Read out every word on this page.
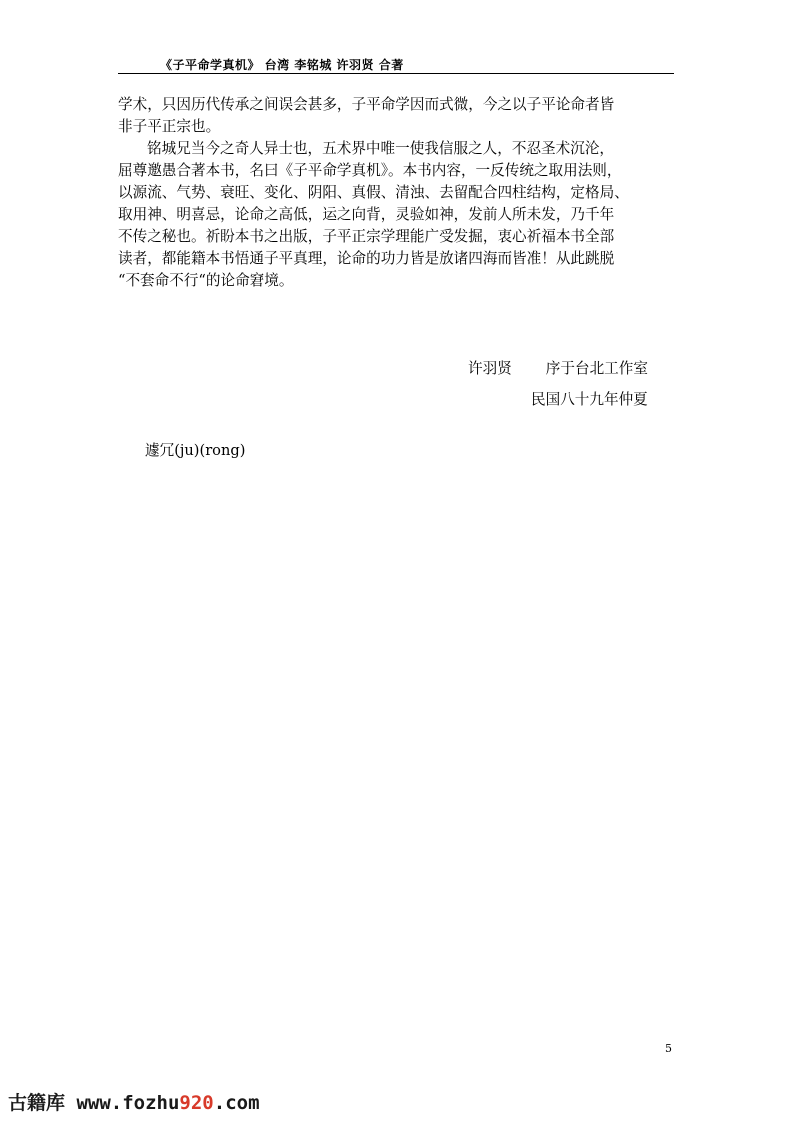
《子平命学真机》 台湾 李铭城 许羽贤 合著
学术，只因历代传承之间误会甚多，子平命学因而式微，今之以子平论命者皆
非子平正宗也。
铭城兄当今之奇人异士也，五术界中唯一使我信服之人，不忍圣术沉沦，
屈尊邀愚合著本书，名曰《子平命学真机》。本书内容，一反传统之取用法则，
以源流、气势、衰旺、变化、阴阳、真假、清浊、去留配合四柱结构，定格局、
取用神、明喜忌，论命之高低，运之向背，灵验如神，发前人所未发，乃千年
不传之秘也。祈盼本书之出版，子平正宗学理能广受发掘，衷心祈福本书全部
读者，都能籍本书悟通子平真理，论命的功力皆是放诸四海而皆准！从此跳脱
“不套命不行“的论命窘境。
许羽贤 序于台北工作室
民国八十九年仲夏
遽冗(ju)(rong)
5
古籍库 www.fozhu920.com
